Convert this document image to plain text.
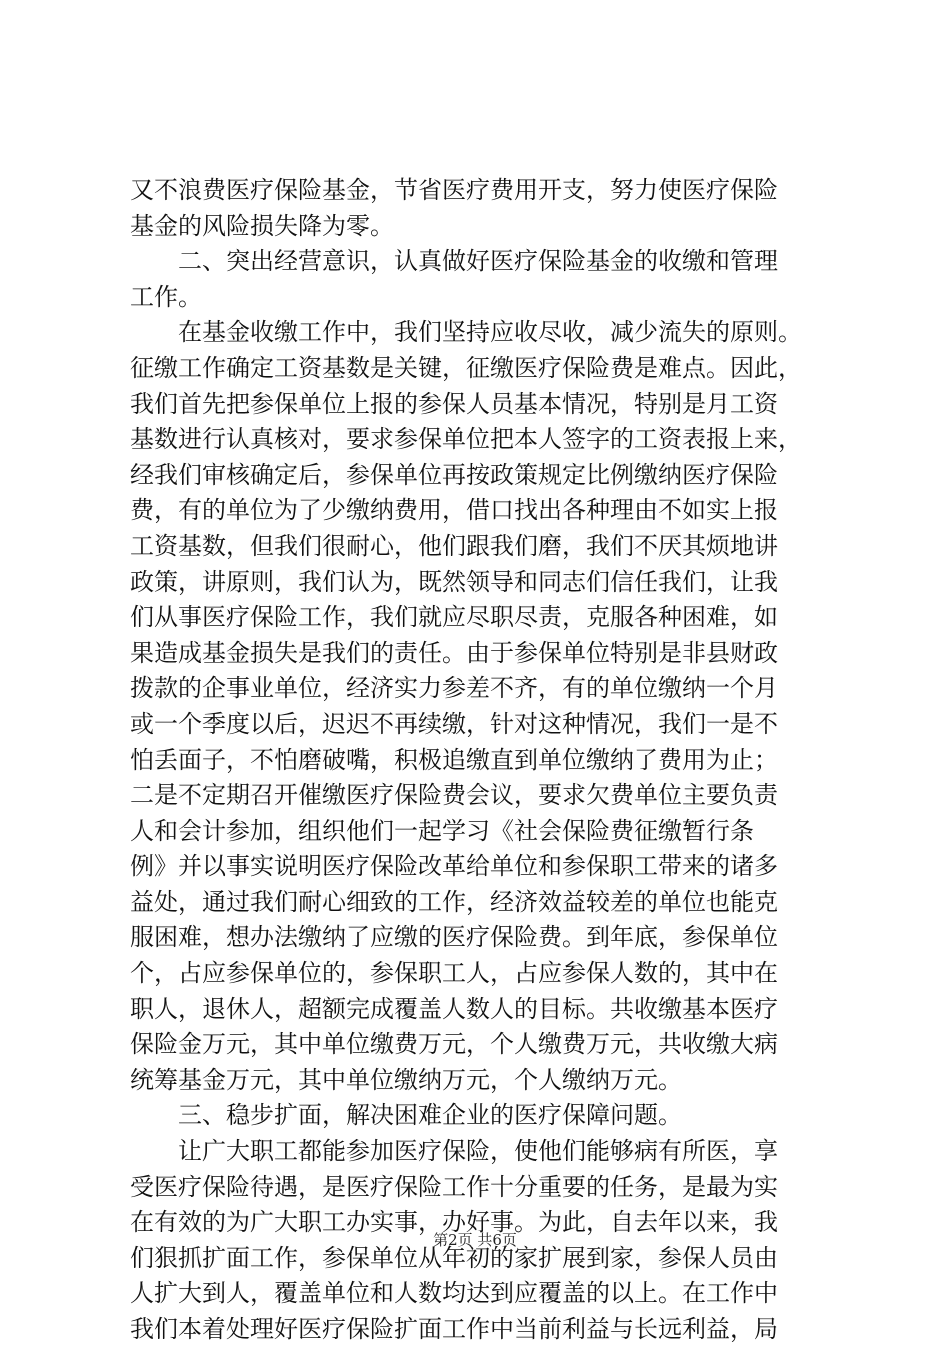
又不浪费医疗保险基金，节省医疗费用开支，努力使医疗保险
基金的风险损失降为零。
二、突出经营意识，认真做好医疗保险基金的收缴和管理
工作。
在基金收缴工作中，我们坚持应收尽收，减少流失的原则。
征缴工作确定工资基数是关键，征缴医疗保险费是难点。因此，
我们首先把参保单位上报的参保人员基本情况，特别是月工资
基数进行认真核对，要求参保单位把本人签字的工资表报上来，
经我们审核确定后，参保单位再按政策规定比例缴纳医疗保险
费，有的单位为了少缴纳费用，借口找出各种理由不如实上报
工资基数，但我们很耐心，他们跟我们磨，我们不厌其烦地讲
政策，讲原则，我们认为，既然领导和同志们信任我们，让我
们从事医疗保险工作，我们就应尽职尽责，克服各种困难，如
果造成基金损失是我们的责任。由于参保单位特别是非县财政
拨款的企事业单位，经济实力参差不齐，有的单位缴纳一个月
或一个季度以后，迟迟不再续缴，针对这种情况，我们一是不
怕丢面子，不怕磨破嘴，积极追缴直到单位缴纳了费用为止；
二是不定期召开催缴医疗保险费会议，要求欠费单位主要负责
人和会计参加，组织他们一起学习《社会保险费征缴暂行条
例》并以事实说明医疗保险改革给单位和参保职工带来的诸多
益处，通过我们耐心细致的工作，经济效益较差的单位也能克
服困难，想办法缴纳了应缴的医疗保险费。到年底，参保单位
个，占应参保单位的，参保职工人，占应参保人数的，其中在
职人，退休人，超额完成覆盖人数人的目标。共收缴基本医疗
保险金万元，其中单位缴费万元，个人缴费万元，共收缴大病
统筹基金万元，其中单位缴纳万元，个人缴纳万元。
三、稳步扩面，解决困难企业的医疗保障问题。
让广大职工都能参加医疗保险，使他们能够病有所医，享
受医疗保险待遇，是医疗保险工作十分重要的任务，是最为实
在有效的为广大职工办实事，办好事。为此，自去年以来，我
们狠抓扩面工作，参保单位从年初的家扩展到家，参保人员由
人扩大到人，覆盖单位和人数均达到应覆盖的以上。在工作中
我们本着处理好医疗保险扩面工作中当前利益与长远利益，局
第2页 共6页
